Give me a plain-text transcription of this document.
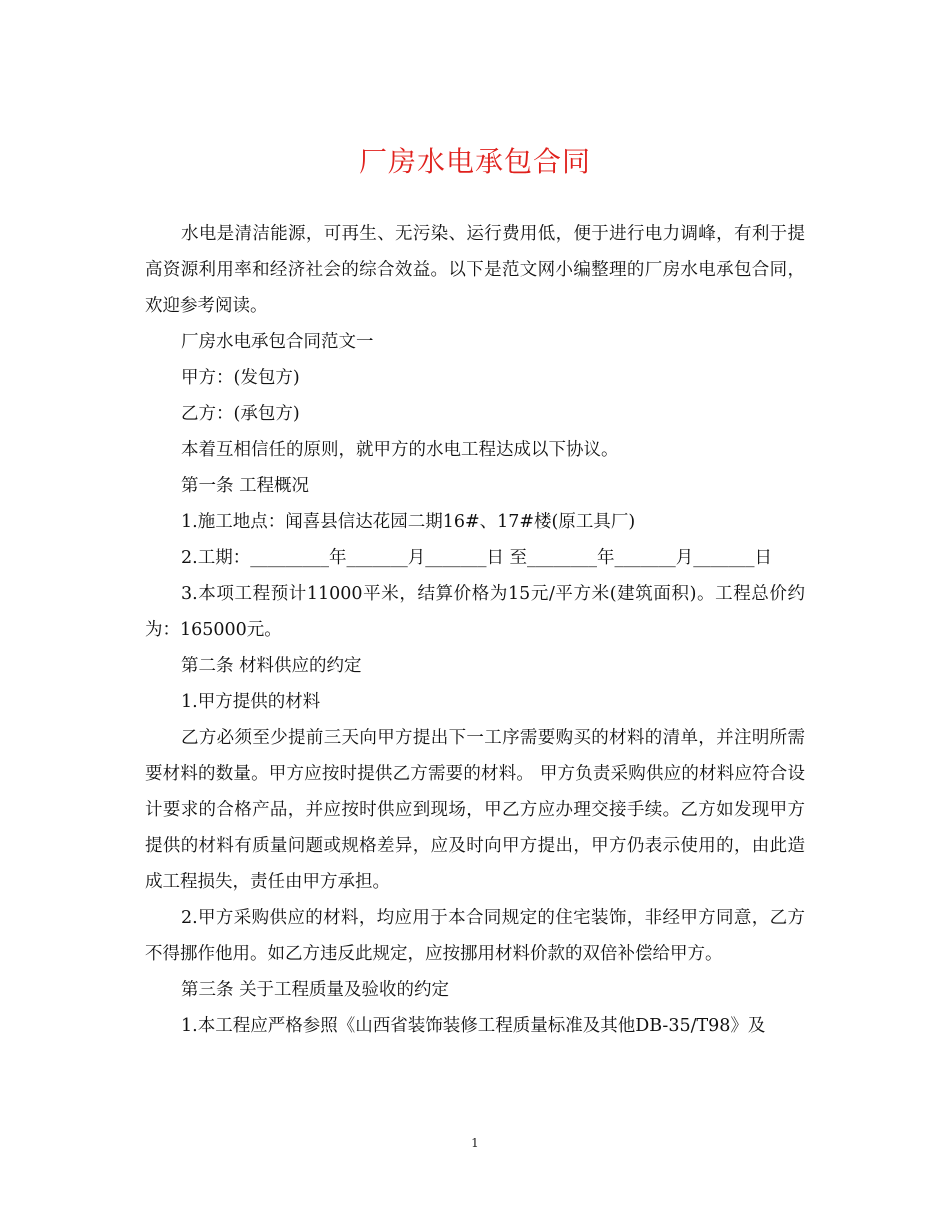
厂房水电承包合同

水电是清洁能源，可再生、无污染、运行费用低，便于进行电力调峰，有利于提高资源利用率和经济社会的综合效益。以下是范文网小编整理的厂房水电承包合同，欢迎参考阅读。

厂房水电承包合同范文一

甲方：(发包方)

乙方：(承包方)

本着互相信任的原则，就甲方的水电工程达成以下协议。

第一条 工程概况

1.施工地点：闻喜县信达花园二期16#、17#楼(原工具厂)

2.工期：_________年_______月_______日 至________年_______月_______日

3.本项工程预计11000平米，结算价格为15元/平方米(建筑面积)。工程总价约为：165000元。

第二条 材料供应的约定

1.甲方提供的材料

乙方必须至少提前三天向甲方提出下一工序需要购买的材料的清单，并注明所需要材料的数量。甲方应按时提供乙方需要的材料。 甲方负责采购供应的材料应符合设计要求的合格产品，并应按时供应到现场，甲乙方应办理交接手续。乙方如发现甲方提供的材料有质量问题或规格差异，应及时向甲方提出，甲方仍表示使用的，由此造成工程损失，责任由甲方承担。

2.甲方采购供应的材料，均应用于本合同规定的住宅装饰，非经甲方同意，乙方不得挪作他用。如乙方违反此规定，应按挪用材料价款的双倍补偿给甲方。

第三条 关于工程质量及验收的约定

1.本工程应严格参照《山西省装饰装修工程质量标准及其他DB-35/T98》及

1
